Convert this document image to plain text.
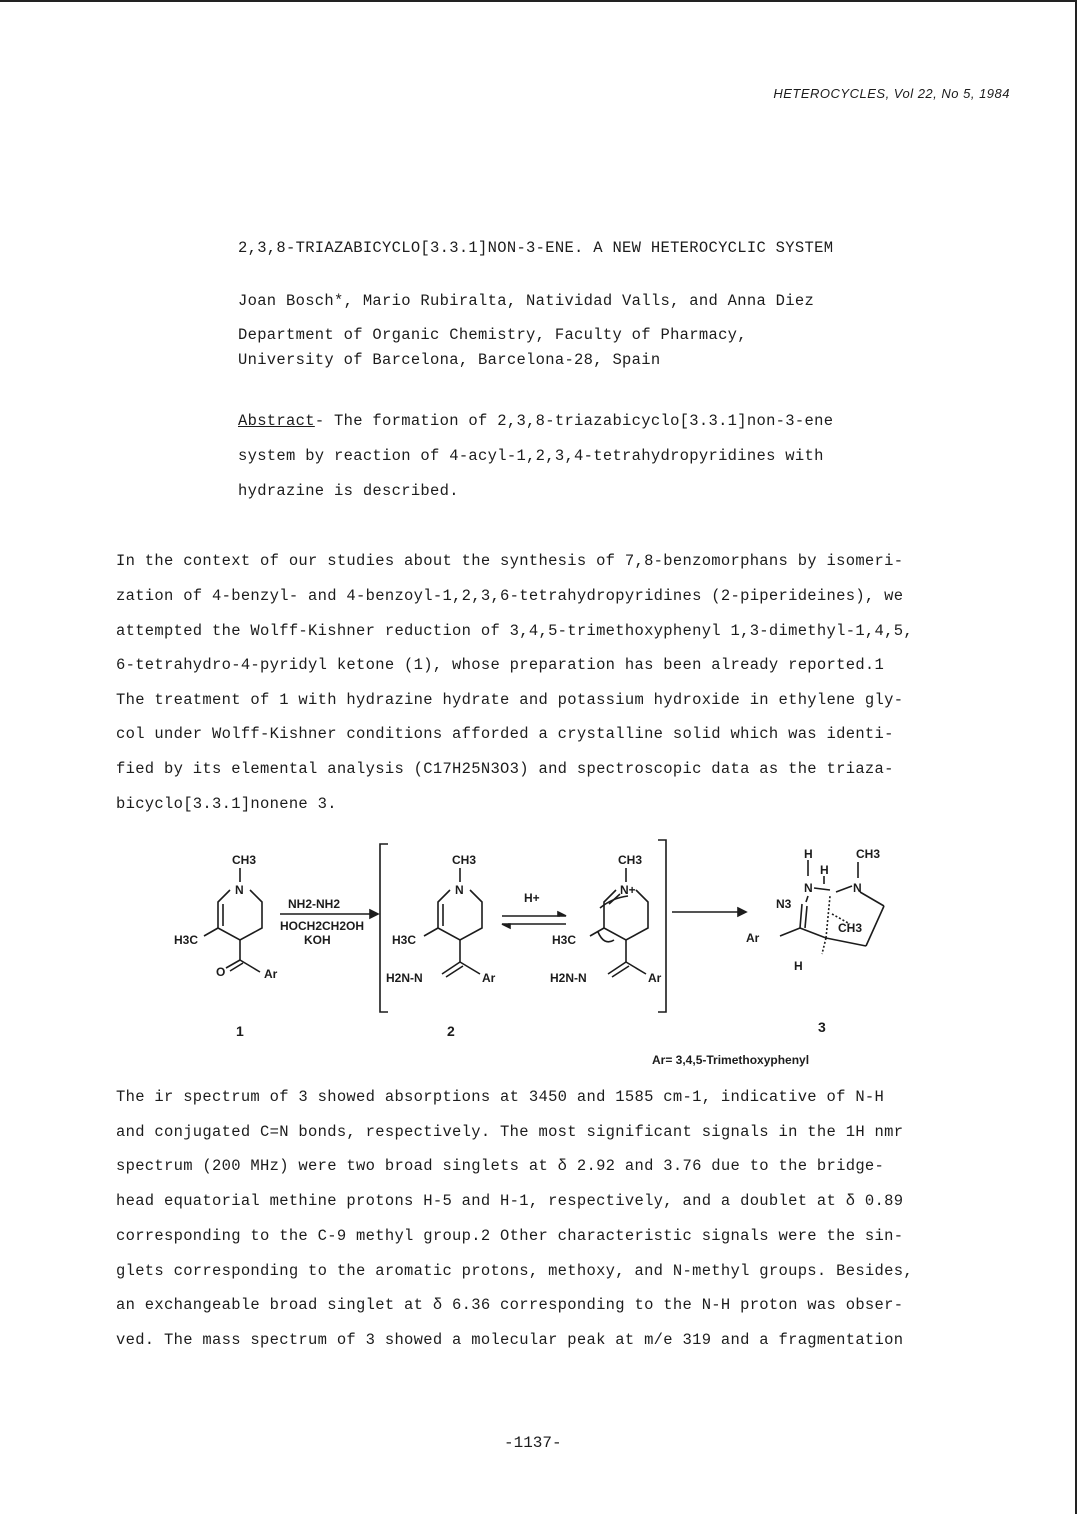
HETEROCYCLES, Vol 22, No 5, 1984
2,3,8-TRIAZABICYCLO[3.3.1]NON-3-ENE. A NEW HETEROCYCLIC SYSTEM
Joan Bosch*, Mario Rubiralta, Natividad Valls, and Anna Diez
Department of Organic Chemistry, Faculty of Pharmacy,
University of Barcelona, Barcelona-28, Spain
Abstract- The formation of 2,3,8-triazabicyclo[3.3.1]non-3-ene
system by reaction of 4-acyl-1,2,3,4-tetrahydropyridines with
hydrazine is described.
In the context of our studies about the synthesis of 7,8-benzomorphans by isomeri-
zation of 4-benzyl- and 4-benzoyl-1,2,3,6-tetrahydropyridines (2-piperideines), we
attempted the Wolff-Kishner reduction of 3,4,5-trimethoxyphenyl 1,3-dimethyl-1,4,5,
6-tetrahydro-4-pyridyl ketone (1), whose preparation has been already reported.1
The treatment of 1 with hydrazine hydrate and potassium hydroxide in ethylene gly-
col under Wolff-Kishner conditions afforded a crystalline solid which was identi-
fied by its elemental analysis (C17H25N3O3) and spectroscopic data as the triaza-
bicyclo[3.3.1]nonene 3.
CH3
N
H3C
O	Ar
CH3
N
H3C
H2N-N	Ar
CH3
N+
H3C
H2N-N	Ar
H
H
CH3
N
N
N3
Ar
CH3
H
NH2-NH2
HOCH2CH2OH
KOH
H+
1	2	3
Ar= 3,4,5-Trimethoxyphenyl
The ir spectrum of 3 showed absorptions at 3450 and 1585 cm-1, indicative of N-H
and conjugated C=N bonds, respectively. The most significant signals in the 1H nmr
spectrum (200 MHz) were two broad singlets at δ 2.92 and 3.76 due to the bridge-
head equatorial methine protons H-5 and H-1, respectively, and a doublet at δ 0.89
corresponding to the C-9 methyl group.2 Other characteristic signals were the sin-
glets corresponding to the aromatic protons, methoxy, and N-methyl groups. Besides,
an exchangeable broad singlet at δ 6.36 corresponding to the N-H proton was obser-
ved. The mass spectrum of 3 showed a molecular peak at m/e 319 and a fragmentation
-1137-
